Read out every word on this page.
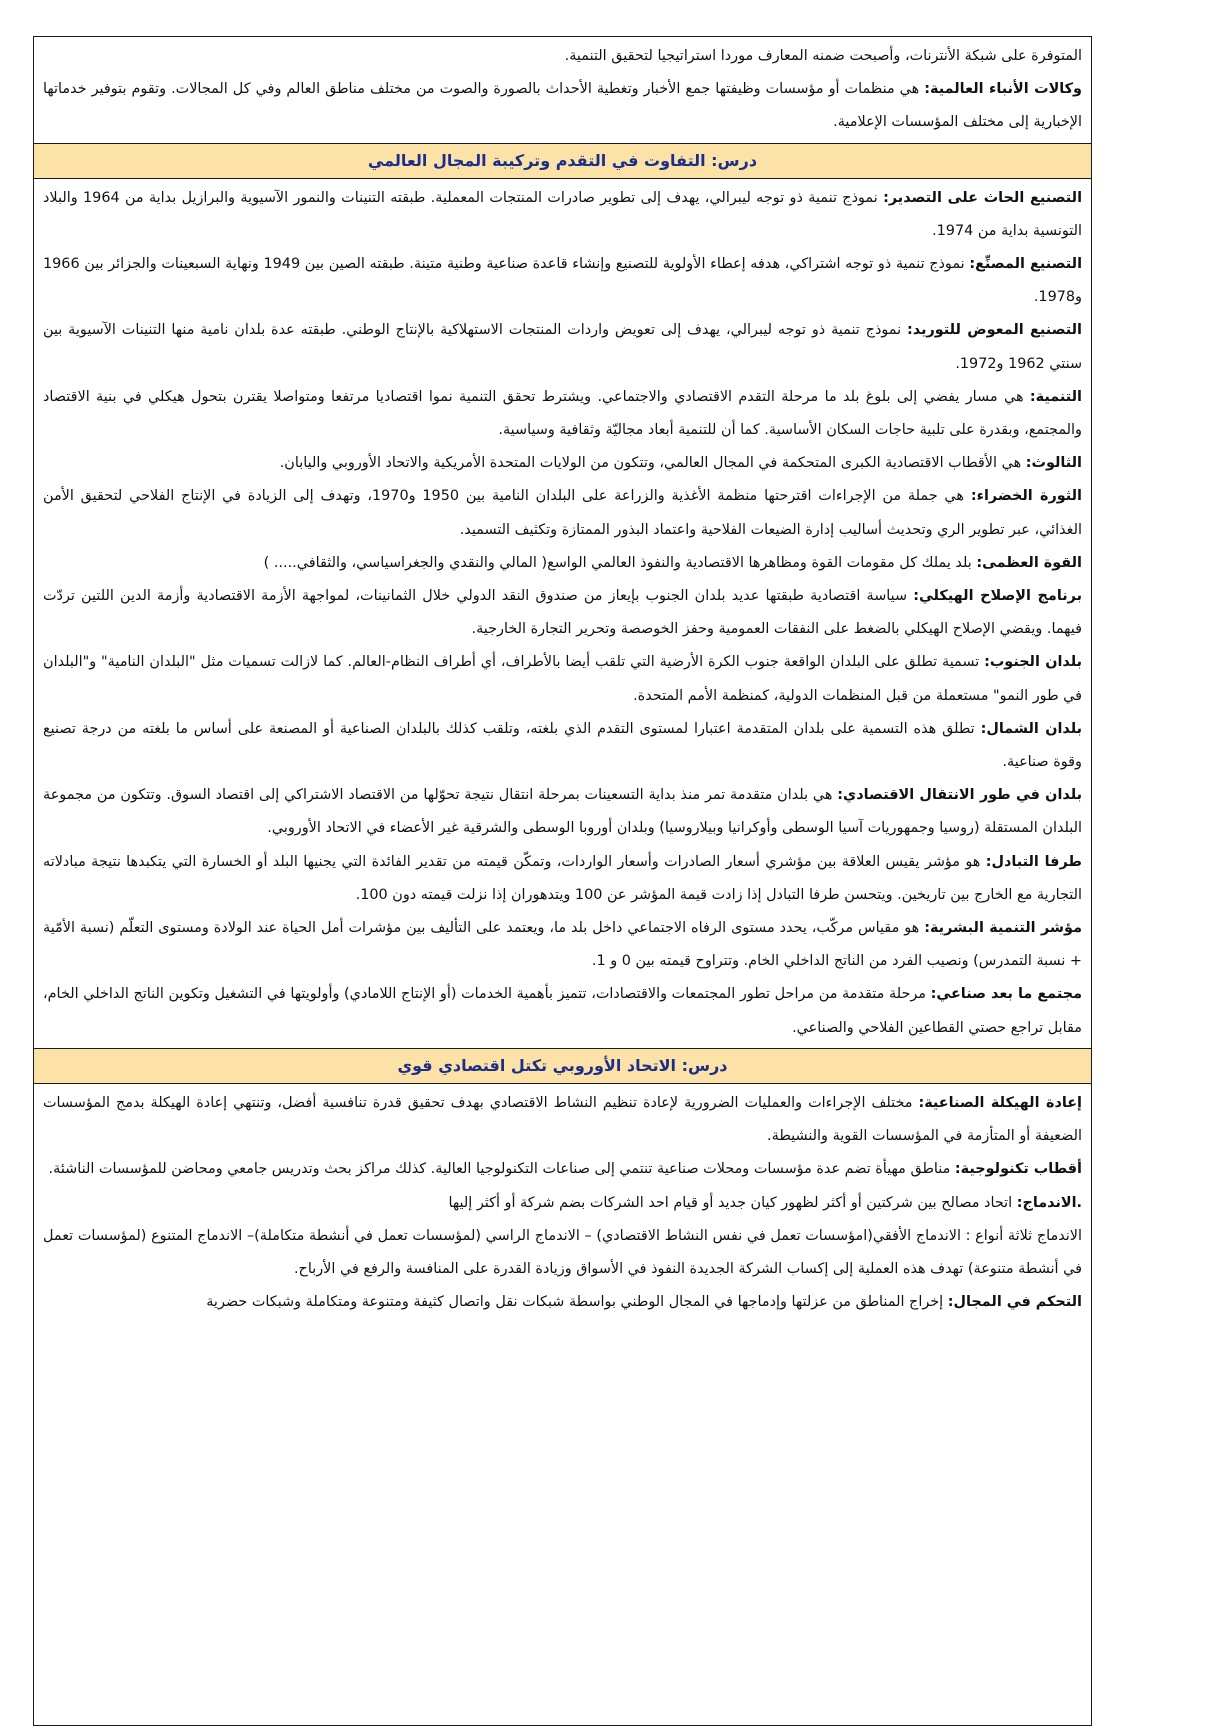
المتوفرة على شبكة الأنترنات، وأصبحت ضمنه المعارف موردا استراتيجيا لتحقيق التنمية.

وكالات الأنباء العالمية: هي منظمات أو مؤسسات وظيفتها جمع الأخبار وتغطية الأحداث بالصورة والصوت من مختلف مناطق العالم وفي كل المجالات. وتقوم بتوفير خدماتها الإخبارية إلى مختلف المؤسسات الإعلامية.

درس: التفاوت في التقدم وتركيبة المجال العالمي

التصنيع الحاث على التصدير: نموذج تنمية ذو توجه ليبرالي، يهدف إلى تطوير صادرات المنتجات المعملية. طبقته التنينات والنمور الآسيوية والبرازيل بداية من 1964 والبلاد التونسية بداية من 1974.

التصنيع المصنِّع: نموذج تنمية ذو توجه اشتراكي، هدفه إعطاء الأولوية للتصنيع وإنشاء قاعدة صناعية وطنية متينة. طبقته الصين بين 1949 ونهاية السبعينات والجزائر بين 1966 و1978.

التصنيع المعوض للتوريد: نموذج تنمية ذو توجه ليبرالي، يهدف إلى تعويض واردات المنتجات الاستهلاكية بالإنتاج الوطني. طبقته عدة بلدان نامية منها التنينات الآسيوية بين سنتي 1962 و1972.

التنمية: هي مسار يفضي إلى بلوغ بلد ما مرحلة التقدم الاقتصادي والاجتماعي. ويشترط تحقق التنمية نموا اقتصاديا مرتفعا ومتواصلا يقترن بتحول هيكلي في بنية الاقتصاد والمجتمع، وبقدرة على تلبية حاجات السكان الأساسية. كما أن للتنمية أبعاد مجاليّة وثقافية وسياسية.

الثالوث: هي الأقطاب الاقتصادية الكبرى المتحكمة في المجال العالمي، وتتكون من الولايات المتحدة الأمريكية والاتحاد الأوروبي واليابان.

الثورة الخضراء: هي جملة من الإجراءات اقترحتها منظمة الأغذية والزراعة على البلدان النامية بين 1950 و1970، وتهدف إلى الزيادة في الإنتاج الفلاحي لتحقيق الأمن الغذائي، عبر تطوير الري وتحديث أساليب إدارة الضيعات الفلاحية واعتماد البذور الممتازة وتكثيف التسميد.

القوة العظمى: بلد يملك كل مقومات القوة ومظاهرها الاقتصادية والنفوذ العالمي الواسع( المالي والنقدي والجغراسياسي، والثقافي..... )

برنامج الإصلاح الهيكلي: سياسة اقتصادية طبقتها عديد بلدان الجنوب بإيعاز من صندوق النقد الدولي خلال الثمانينات، لمواجهة الأزمة الاقتصادية وأزمة الدين اللتين تردّت فيهما. ويقضي الإصلاح الهيكلي بالضغط على النفقات العمومية وحفز الخوصصة وتحرير التجارة الخارجية.

بلدان الجنوب: تسمية تطلق على البلدان الواقعة جنوب الكرة الأرضية التي تلقب أيضا بالأطراف، أي أطراف النظام-العالم. كما لازالت تسميات مثل "البلدان النامية" و"البلدان في طور النمو" مستعملة من قبل المنظمات الدولية، كمنظمة الأمم المتحدة.

بلدان الشمال: تطلق هذه التسمية على بلدان المتقدمة اعتبارا لمستوى التقدم الذي بلغته، وتلقب كذلك بالبلدان الصناعية أو المصنعة على أساس ما بلغته من درجة تصنيع وقوة صناعية.

بلدان في طور الانتقال الاقتصادي: هي بلدان متقدمة تمر منذ بداية التسعينات بمرحلة انتقال نتيجة تحوّلها من الاقتصاد الاشتراكي إلى اقتصاد السوق. وتتكون من مجموعة البلدان المستقلة (روسيا وجمهوريات آسيا الوسطى وأوكرانيا وبيلاروسيا) وبلدان أوروبا الوسطى والشرقية غير الأعضاء في الاتحاد الأوروبي.

طرفا التبادل: هو مؤشر يقيس العلاقة بين مؤشري أسعار الصادرات وأسعار الواردات، وتمكّن قيمته من تقدير الفائدة التي يجنيها البلد أو الخسارة التي يتكبدها نتيجة مبادلاته التجارية مع الخارج بين تاريخين. ويتحسن طرفا التبادل إذا زادت قيمة المؤشر عن 100 ويتدهوران إذا نزلت قيمته دون 100.

مؤشر التنمية البشرية: هو مقياس مركّب، يحدد مستوى الرفاه الاجتماعي داخل بلد ما، ويعتمد على التأليف بين مؤشرات أمل الحياة عند الولادة ومستوى التعلّم (نسبة الأمّية + نسبة التمدرس) ونصيب الفرد من الناتج الداخلي الخام. وتتراوح قيمته بين 0 و 1.

مجتمع ما بعد صناعي: مرحلة متقدمة من مراحل تطور المجتمعات والاقتصادات، تتميز بأهمية الخدمات (أو الإنتاج اللامادي) وأولويتها في التشغيل وتكوين الناتج الداخلي الخام، مقابل تراجع حصتي القطاعين الفلاحي والصناعي.

درس: الاتحاد الأوروبي تكتل اقتصادي قوي

إعادة الهيكلة الصناعية: مختلف الإجراءات والعمليات الضرورية لإعادة تنظيم النشاط الاقتصادي بهدف تحقيق قدرة تنافسية أفضل، وتنتهي إعادة الهيكلة بدمج المؤسسات الضعيفة أو المتأزمة في المؤسسات القوية والنشيطة.

أقطاب تكنولوجية: مناطق مهيأة تضم عدة مؤسسات ومحلات صناعية تنتمي إلى صناعات التكنولوجيا العالية. كذلك مراكز بحث وتدريس جامعي ومحاضن للمؤسسات الناشئة.

.الاندماج: اتحاد مصالح بين شركتين أو أكثر لظهور كيان جديد أو قيام احد الشركات بضم شركة أو أكثر إليها

الاندماج ثلاثة أنواع : الاندماج الأفقي(امؤسسات تعمل في نفس النشاط الاقتصادي) – الاندماج الراسي (لمؤسسات تعمل في أنشطة متكاملة)– الاندماج المتنوع (لمؤسسات تعمل في أنشطة متنوعة) تهدف هذه العملية إلى إكساب الشركة الجديدة النفوذ في الأسواق وزيادة القدرة على المنافسة والرفع في الأرباح.

التحكم في المجال: إخراج المناطق من عزلتها وإدماجها في المجال الوطني بواسطة شبكات نقل واتصال كثيفة ومتنوعة ومتكاملة وشبكات حضرية
